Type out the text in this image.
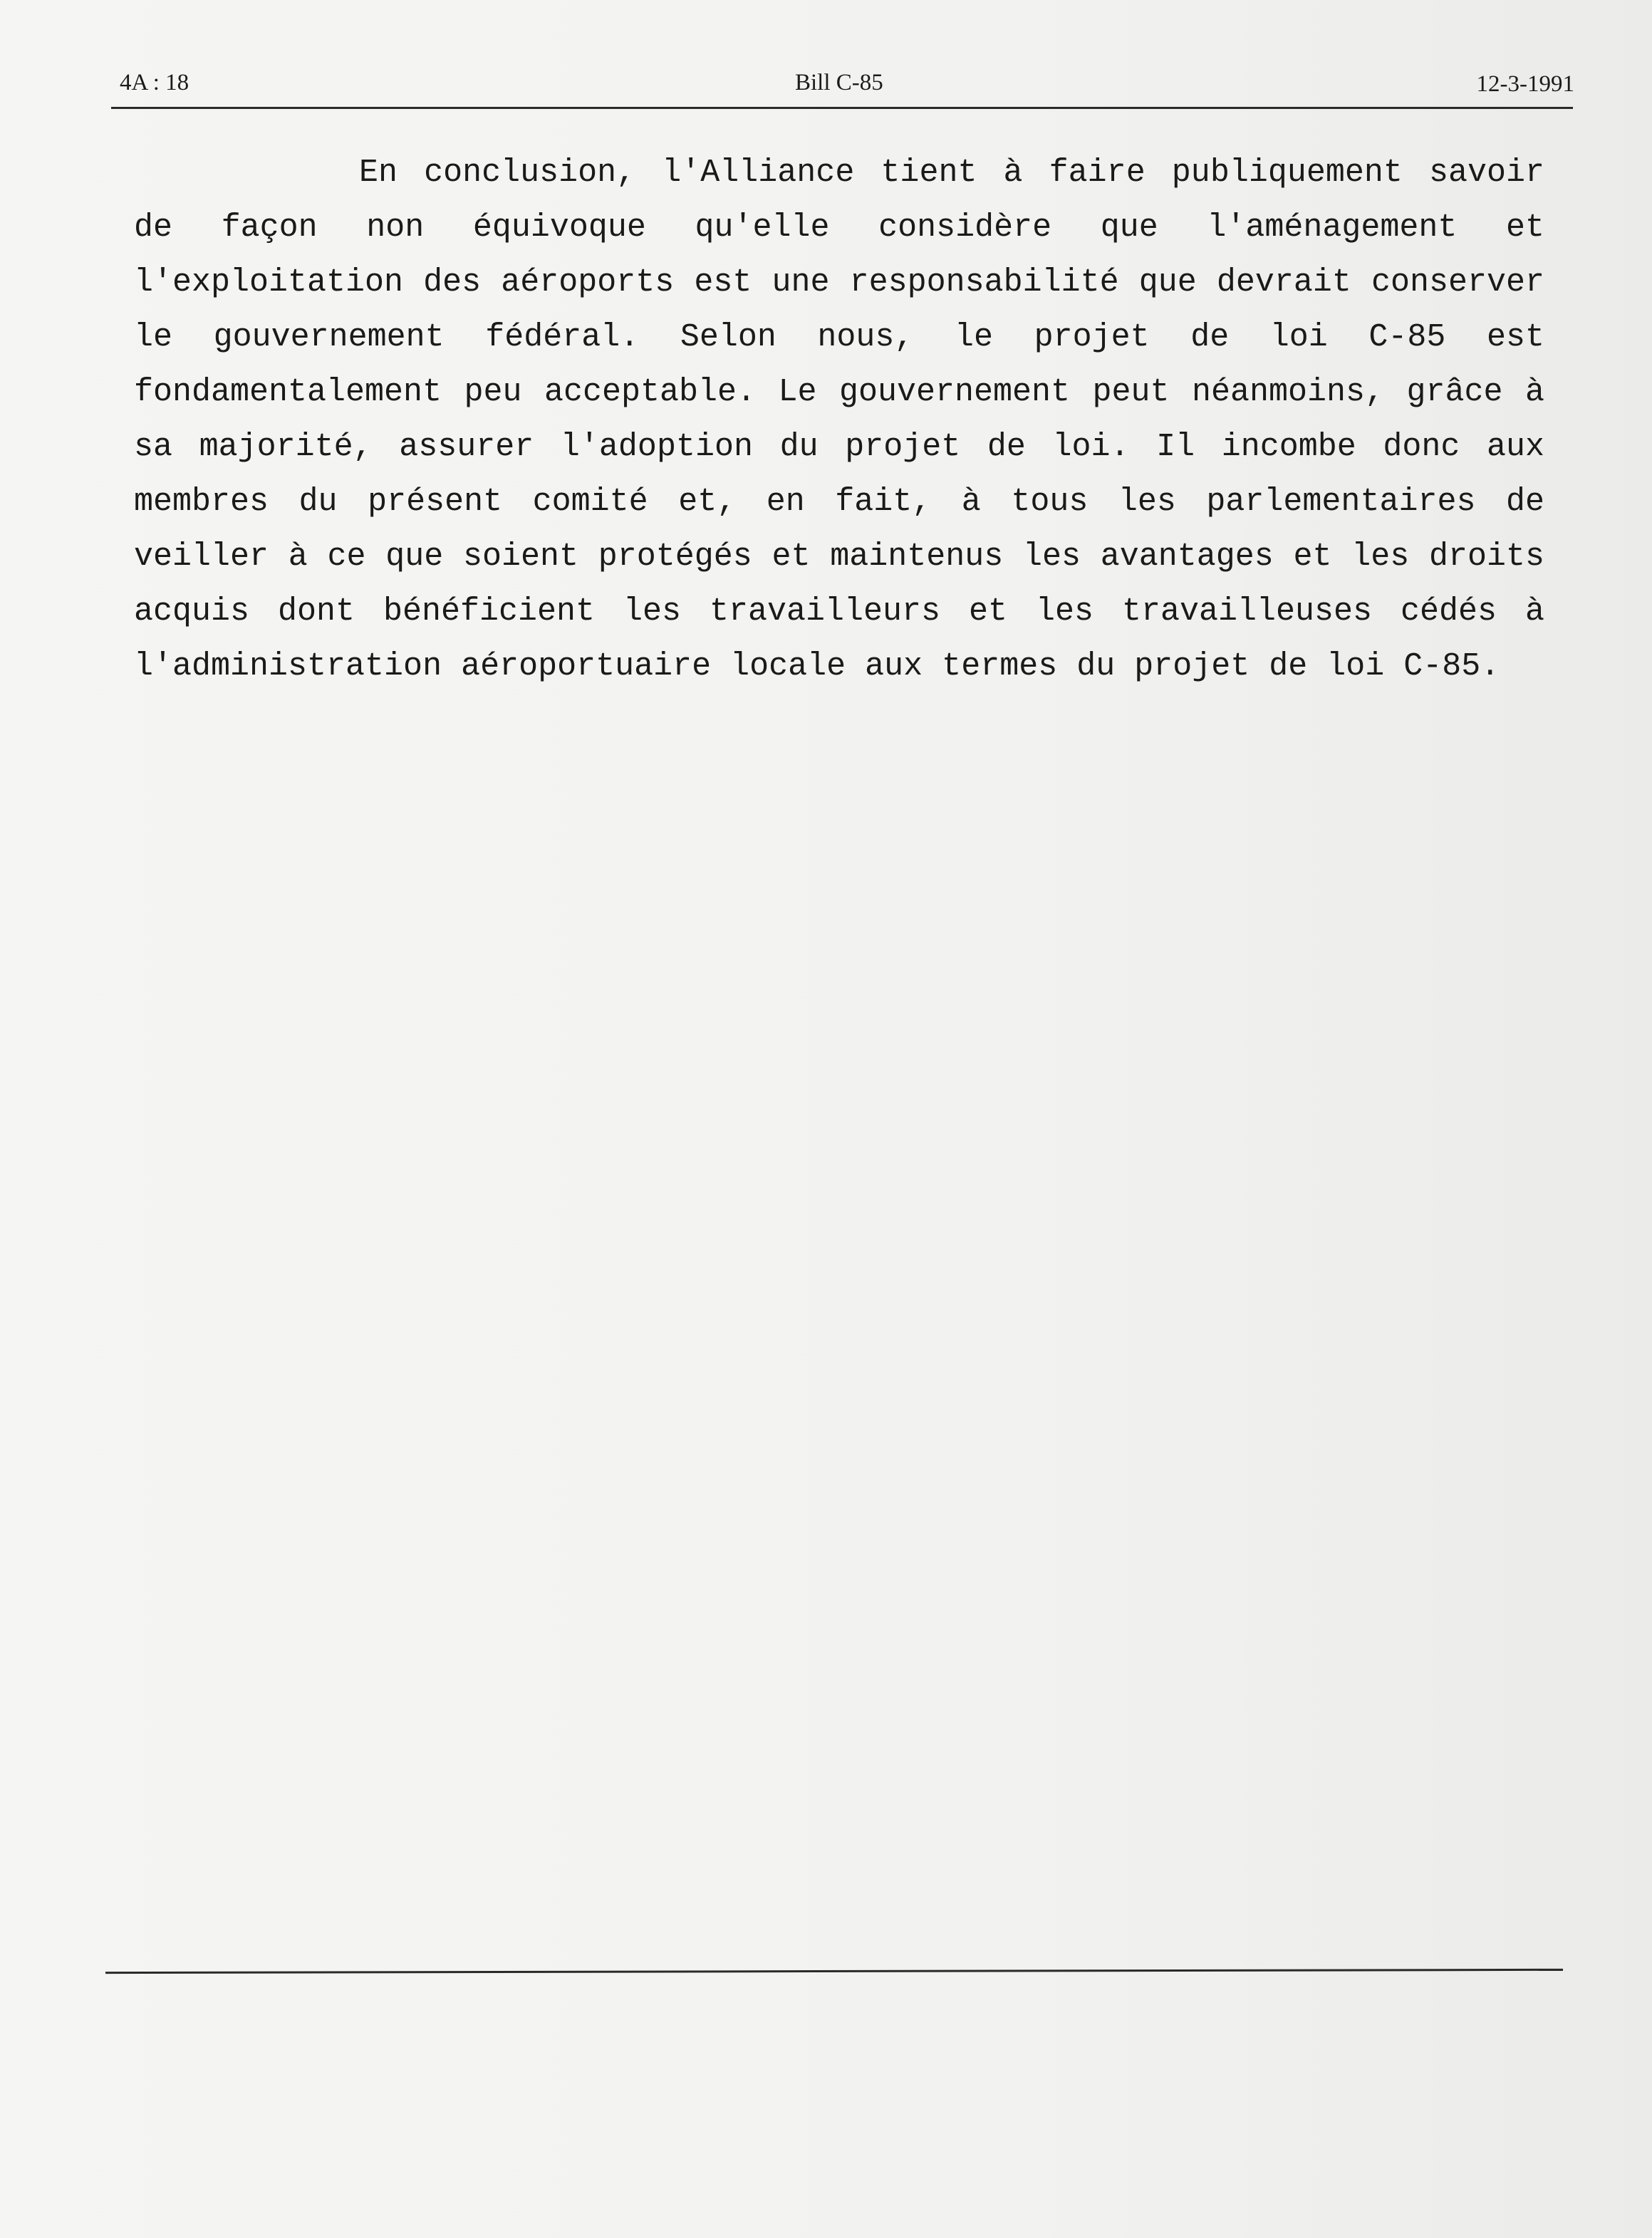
4A : 18	Bill C-85	12-3-1991

En conclusion, l'Alliance tient à faire publiquement savoir de façon non équivoque qu'elle considère que l'aménagement et l'exploitation des aéroports est une responsabilité que devrait conserver le gouvernement fédéral. Selon nous, le projet de loi C-85 est fondamentalement peu acceptable. Le gouvernement peut néanmoins, grâce à sa majorité, assurer l'adoption du projet de loi. Il incombe donc aux membres du présent comité et, en fait, à tous les parlementaires de veiller à ce que soient protégés et maintenus les avantages et les droits acquis dont bénéficient les travailleurs et les travailleuses cédés à l'administration aéroportuaire locale aux termes du projet de loi C-85.
